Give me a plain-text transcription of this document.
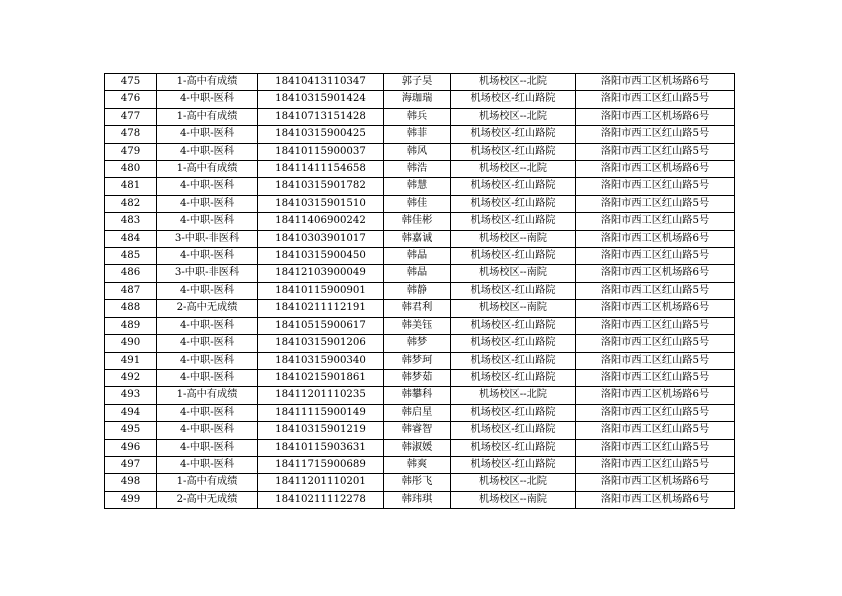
475	1-高中有成绩	18410413110347	郭子昊	机场校区--北院	洛阳市西工区机场路6号
476	4-中职-医科	18410315901424	海珈瑞	机场校区-红山路院	洛阳市西工区红山路5号
477	1-高中有成绩	18410713151428	韩兵	机场校区--北院	洛阳市西工区机场路6号
478	4-中职-医科	18410315900425	韩菲	机场校区-红山路院	洛阳市西工区红山路5号
479	4-中职-医科	18410115900037	韩风	机场校区-红山路院	洛阳市西工区红山路5号
480	1-高中有成绩	18411411154658	韩浩	机场校区--北院	洛阳市西工区机场路6号
481	4-中职-医科	18410315901782	韩慧	机场校区-红山路院	洛阳市西工区红山路5号
482	4-中职-医科	18410315901510	韩佳	机场校区-红山路院	洛阳市西工区红山路5号
483	4-中职-医科	18411406900242	韩佳彬	机场校区-红山路院	洛阳市西工区红山路5号
484	3-中职-非医科	18410303901017	韩嘉诚	机场校区--南院	洛阳市西工区机场路6号
485	4-中职-医科	18410315900450	韩晶	机场校区-红山路院	洛阳市西工区红山路5号
486	3-中职-非医科	18412103900049	韩晶	机场校区--南院	洛阳市西工区机场路6号
487	4-中职-医科	18410115900901	韩静	机场校区-红山路院	洛阳市西工区红山路5号
488	2-高中无成绩	18410211112191	韩君利	机场校区--南院	洛阳市西工区机场路6号
489	4-中职-医科	18410515900617	韩美钰	机场校区-红山路院	洛阳市西工区红山路5号
490	4-中职-医科	18410315901206	韩梦	机场校区-红山路院	洛阳市西工区红山路5号
491	4-中职-医科	18410315900340	韩梦珂	机场校区-红山路院	洛阳市西工区红山路5号
492	4-中职-医科	18410215901861	韩梦茹	机场校区-红山路院	洛阳市西工区红山路5号
493	1-高中有成绩	18411201110235	韩攀科	机场校区--北院	洛阳市西工区机场路6号
494	4-中职-医科	18411115900149	韩启星	机场校区-红山路院	洛阳市西工区红山路5号
495	4-中职-医科	18410315901219	韩睿智	机场校区-红山路院	洛阳市西工区红山路5号
496	4-中职-医科	18410115903631	韩淑媛	机场校区-红山路院	洛阳市西工区红山路5号
497	4-中职-医科	18411715900689	韩爽	机场校区-红山路院	洛阳市西工区红山路5号
498	1-高中有成绩	18411201110201	韩彤飞	机场校区--北院	洛阳市西工区机场路6号
499	2-高中无成绩	18410211112278	韩玮琪	机场校区--南院	洛阳市西工区机场路6号
